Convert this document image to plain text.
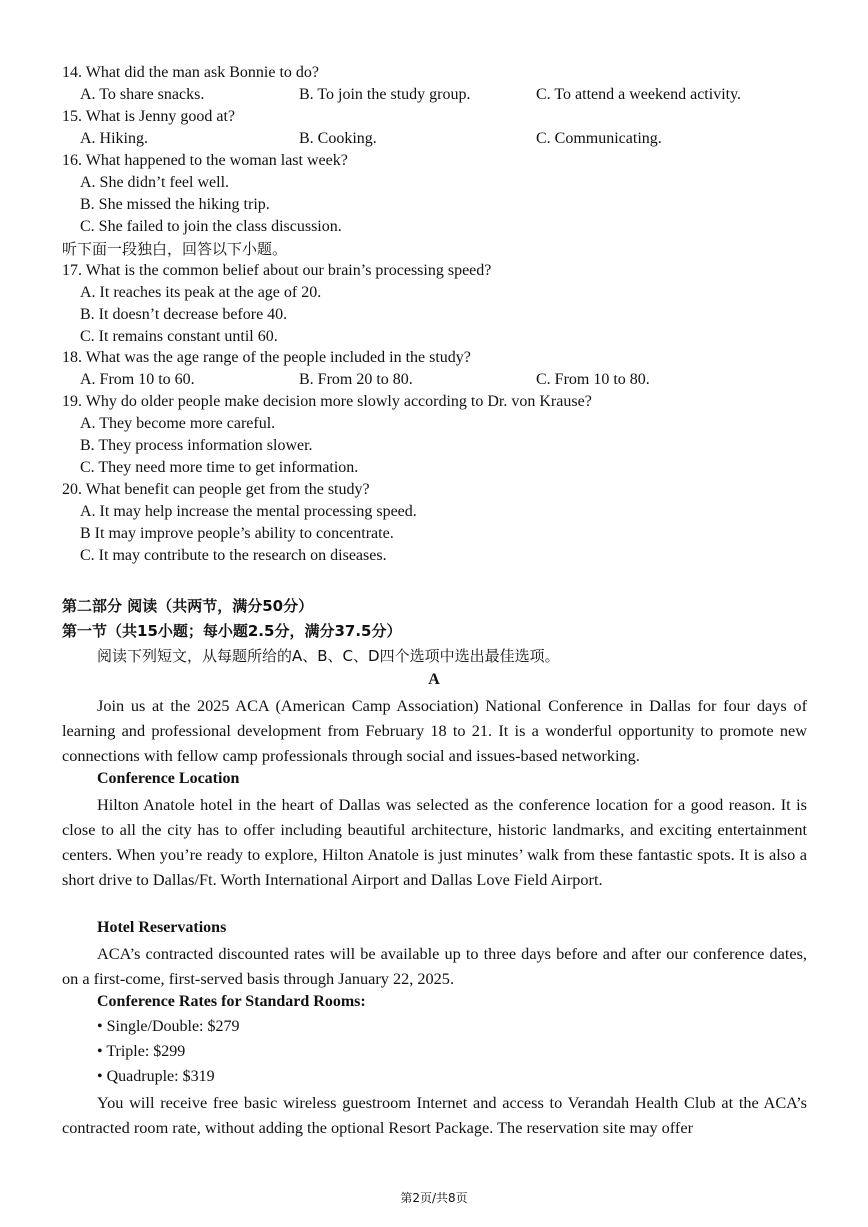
14. What did the man ask Bonnie to do?
A. To share snacks.	B. To join the study group.	C. To attend a weekend activity.
15. What is Jenny good at?
A. Hiking.	B. Cooking.	C. Communicating.
16. What happened to the woman last week?
A. She didn’t feel well.
B. She missed the hiking trip.
C. She failed to join the class discussion.
听下面一段独白，回答以下小题。
17. What is the common belief about our brain’s processing speed?
A. It reaches its peak at the age of 20.
B. It doesn’t decrease before 40.
C. It remains constant until 60.
18. What was the age range of the people included in the study?
A. From 10 to 60.	B. From 20 to 80.	C. From 10 to 80.
19. Why do older people make decision more slowly according to Dr. von Krause?
A. They become more careful.
B. They process information slower.
C. They need more time to get information.
20. What benefit can people get from the study?
A. It may help increase the mental processing speed.
B It may improve people’s ability to concentrate.
C. It may contribute to the research on diseases.
第二部分 阅读（共两节，满分50分）
第一节（共15小题；每小题2.5分，满分37.5分）
阅读下列短文，从每题所给的A、B、C、D四个选项中选出最佳选项。
A
Join us at the 2025 ACA (American Camp Association) National Conference in Dallas for four days of learning and professional development from February 18 to 21. It is a wonderful opportunity to promote new connections with fellow camp professionals through social and issues-based networking.
Conference Location
Hilton Anatole hotel in the heart of Dallas was selected as the conference location for a good reason. It is close to all the city has to offer including beautiful architecture, historic landmarks, and exciting entertainment centers. When you’re ready to explore, Hilton Anatole is just minutes’ walk from these fantastic spots. It is also a short drive to Dallas/Ft. Worth International Airport and Dallas Love Field Airport.
Hotel Reservations
ACA’s contracted discounted rates will be available up to three days before and after our conference dates, on a first-come, first-served basis through January 22, 2025.
Conference Rates for Standard Rooms:
• Single/Double: $279
• Triple: $299
• Quadruple: $319
You will receive free basic wireless guestroom Internet and access to Verandah Health Club at the ACA’s contracted room rate, without adding the optional Resort Package. The reservation site may offer
第2页/共8页
